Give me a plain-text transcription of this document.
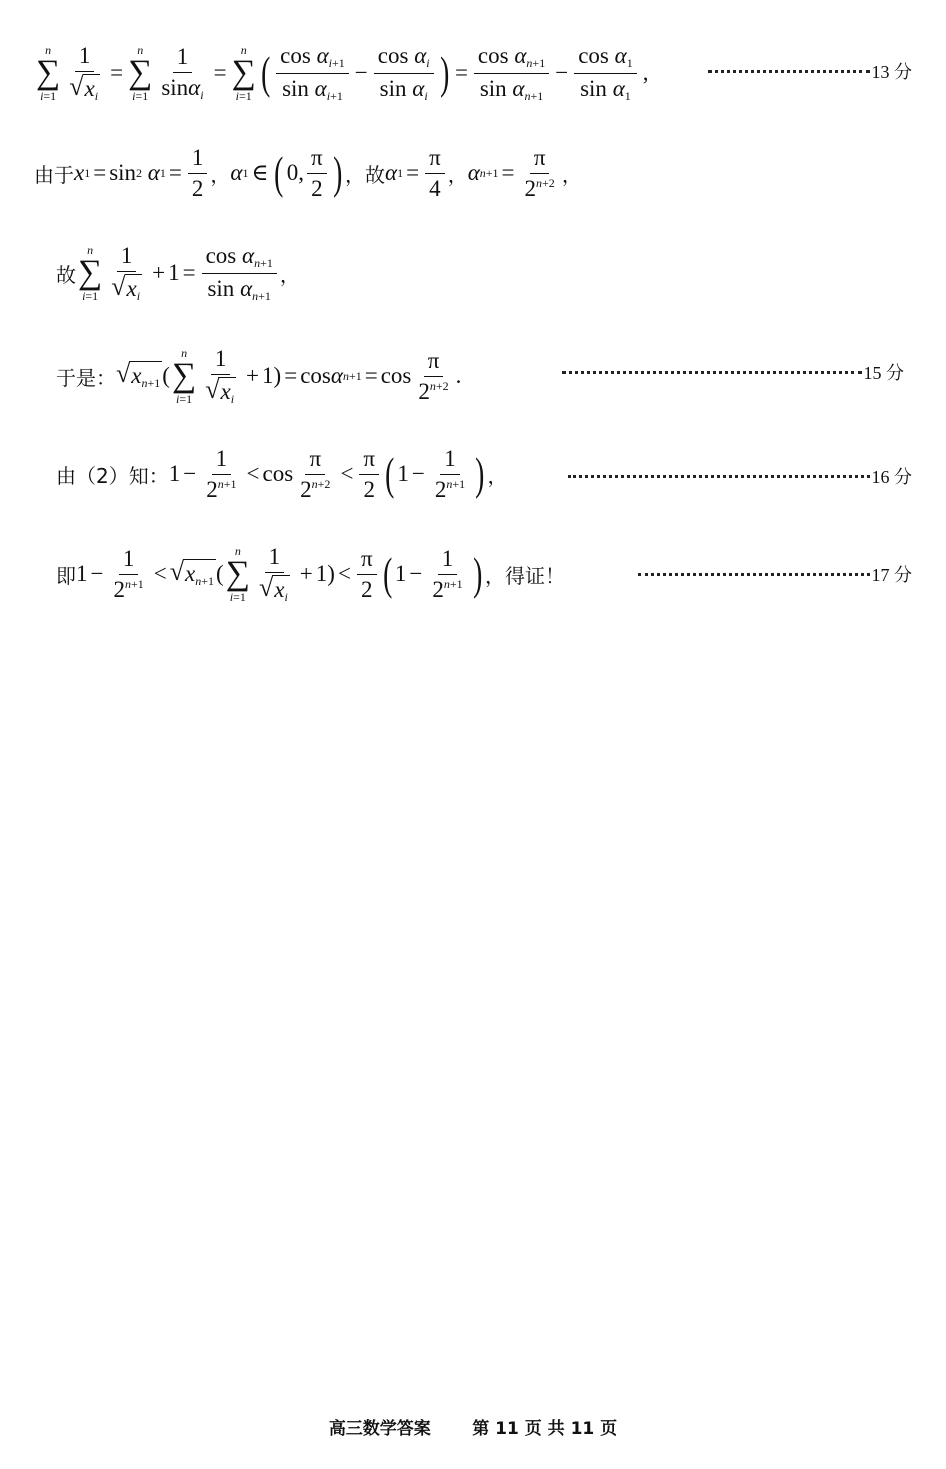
n
∑
$i=1 \frac{1}{√ x_i}$ =
n
∑
$i=1 \frac{1}{\sin\alpha_i}$ =
n
∑
i=1 ( $\frac{\cos \alpha_{i+1}}{\sin \alpha_{i+1}} - \frac{\cos \alpha_i}{\sin \alpha_i}$ ) = $\frac{\cos \alpha_{n+1}}{\sin \alpha_{n+1}} - \frac{\cos \alpha_1}{\sin \alpha_1}$ ,	13 分
由于 x 1 = sin 2
α $1 = \frac{1}{2}$ ， α 1 ∈ ( 0, $\frac{\pi}{2}$ ) ，故 α $1 = \frac{\pi}{4}$ ， α $n+1 = \frac{\pi}{2^{n+2}}$ ，
故
n
∑
$i=1 \frac{1}{√ x_i} + 1 = \frac{\cos \alpha_{n+1}}{\sin \alpha_{n+1}}$ ，
于是： √ $x_{n+1}$ (
n
∑
$i=1 \frac{1}{√ x_i} + 1) = \cos \alpha$ $n+1 = \cos \frac{\pi}{2^{n+2}}$ .	15 分
由（2）知： $1 - \frac{1}{2^{n+1}} < \cos \frac{\pi}{2^{n+2}} < \frac{\pi}{2}$ ( $1 - \frac{1}{2^{n+1}}$ ) ，	16 分
即 $1 - \frac{1}{2^{n+1}}$ < √ $x_{n+1}$ (
n
∑
$i=1 \frac{1}{√ x_i} + 1) < \frac{\pi}{2}$ ( $1 - \frac{1}{2^{n+1}}$ ) ，得证！	17 分
高三数学答案 第 11 页 共 11 页
